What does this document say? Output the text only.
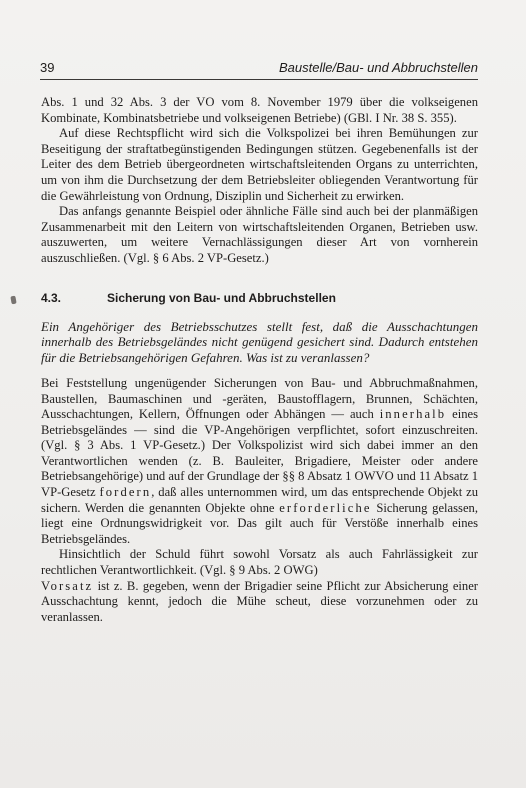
39	Baustelle/Bau- und Abbruchstellen

Abs. 1 und 32 Abs. 3 der VO vom 8. November 1979 über die volkseigenen Kombinate, Kombinatsbetriebe und volkseigenen Betriebe) (GBl. I Nr. 38 S. 355).

Auf diese Rechtspflicht wird sich die Volkspolizei bei ihren Bemühungen zur Beseitigung der straftatbegünstigenden Bedingungen stützen. Gegebenenfalls ist der Leiter des dem Betrieb übergeordneten wirtschaftsleitenden Organs zu unterrichten, um von ihm die Durchsetzung der dem Betriebsleiter obliegenden Verantwortung für die Gewährleistung von Ordnung, Disziplin und Sicherheit zu erwirken.

Das anfangs genannte Beispiel oder ähnliche Fälle sind auch bei der planmäßigen Zusammenarbeit mit den Leitern von wirtschaftsleitenden Organen, Betrieben usw. auszuwerten, um weitere Vernachlässigungen dieser Art von vornherein auszuschließen. (Vgl. § 6 Abs. 2 VP-Gesetz.)

4.3.	Sicherung von Bau- und Abbruchstellen

Ein Angehöriger des Betriebsschutzes stellt fest, daß die Ausschachtungen innerhalb des Betriebsgeländes nicht genügend gesichert sind. Dadurch entstehen für die Betriebsangehörigen Gefahren. Was ist zu veranlassen?

Bei Feststellung ungenügender Sicherungen von Bau- und Abbruchmaßnahmen, Baustellen, Baumaschinen und -geräten, Baustofflagern, Brunnen, Schächten, Ausschachtungen, Kellern, Öffnungen oder Abhängen — auch innerhalb eines Betriebsgeländes — sind die VP-Angehörigen verpflichtet, sofort einzuschreiten. (Vgl. § 3 Abs. 1 VP-Gesetz.) Der Volkspolizist wird sich dabei immer an den Verantwortlichen wenden (z. B. Bauleiter, Brigadiere, Meister oder andere Betriebsangehörige) und auf der Grundlage der §§ 8 Absatz 1 OWVO und 11 Absatz 1 VP-Gesetz fordern, daß alles unternommen wird, um das entsprechende Objekt zu sichern. Werden die genannten Objekte ohne erforderliche Sicherung gelassen, liegt eine Ordnungswidrigkeit vor. Das gilt auch für Verstöße innerhalb eines Betriebsgeländes.

Hinsichtlich der Schuld führt sowohl Vorsatz als auch Fahrlässigkeit zur rechtlichen Verantwortlichkeit. (Vgl. § 9 Abs. 2 OWG)

Vorsatz ist z. B. gegeben, wenn der Brigadier seine Pflicht zur Absicherung einer Ausschachtung kennt, jedoch die Mühe scheut, diese vorzunehmen oder zu veranlassen.
